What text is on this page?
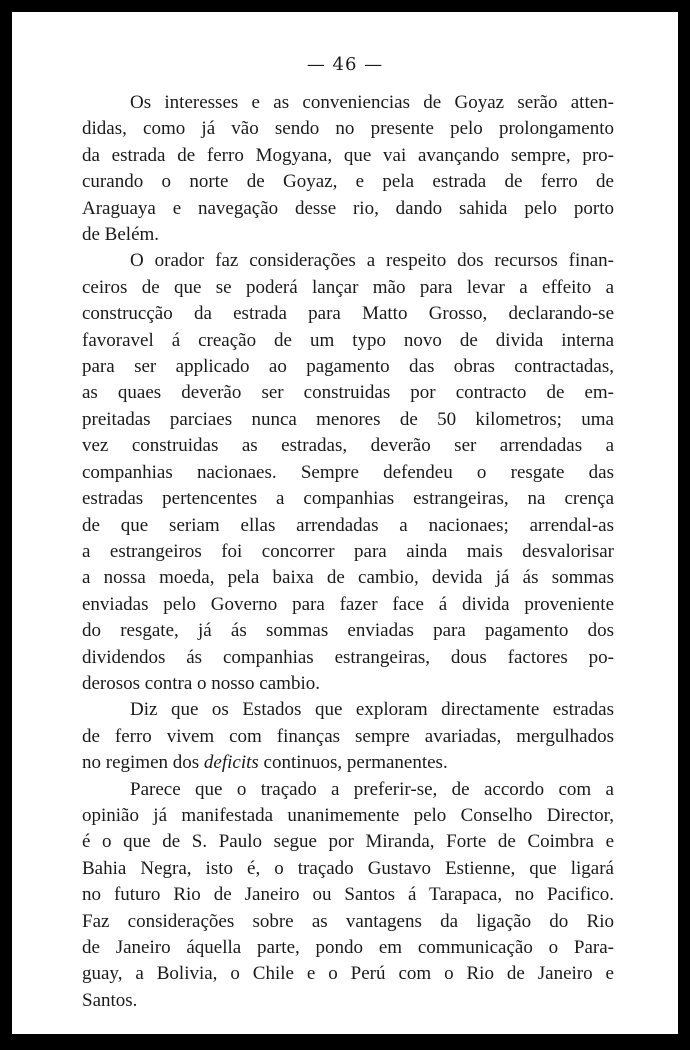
— 46 —
Os interesses e as conveniencias de Goyaz serão atten-
didas, como já vão sendo no presente pelo prolongamento
da estrada de ferro Mogyana, que vai avançando sempre, pro-
curando o norte de Goyaz, e pela estrada de ferro de
Araguaya e navegação desse rio, dando sahida pelo porto
de Belém.
O orador faz considerações a respeito dos recursos finan-
ceiros de que se poderá lançar mão para levar a effeito a
construcção da estrada para Matto Grosso, declarando-se
favoravel á creação de um typo novo de divida interna
para ser applicado ao pagamento das obras contractadas,
as quaes deverão ser construidas por contracto de em-
preitadas parciaes nunca menores de 50 kilometros; uma
vez construidas as estradas, deverão ser arrendadas a
companhias nacionaes. Sempre defendeu o resgate das
estradas pertencentes a companhias estrangeiras, na crença
de que seriam ellas arrendadas a nacionaes; arrendal-as
a estrangeiros foi concorrer para ainda mais desvalorisar
a nossa moeda, pela baixa de cambio, devida já ás sommas
enviadas pelo Governo para fazer face á divida proveniente
do resgate, já ás sommas enviadas para pagamento dos
dividendos ás companhias estrangeiras, dous factores po-
derosos contra o nosso cambio.
Diz que os Estados que exploram directamente estradas
de ferro vivem com finanças sempre avariadas, mergulhados
no regimen dos deficits continuos, permanentes.
Parece que o traçado a preferir-se, de accordo com a
opinião já manifestada unanimemente pelo Conselho Director,
é o que de S. Paulo segue por Miranda, Forte de Coimbra e
Bahia Negra, isto é, o traçado Gustavo Estienne, que ligará
no futuro Rio de Janeiro ou Santos á Tarapaca, no Pacifico.
Faz considerações sobre as vantagens da ligação do Rio
de Janeiro áquella parte, pondo em communicação o Para-
guay, a Bolivia, o Chile e o Perú com o Rio de Janeiro e
Santos.
